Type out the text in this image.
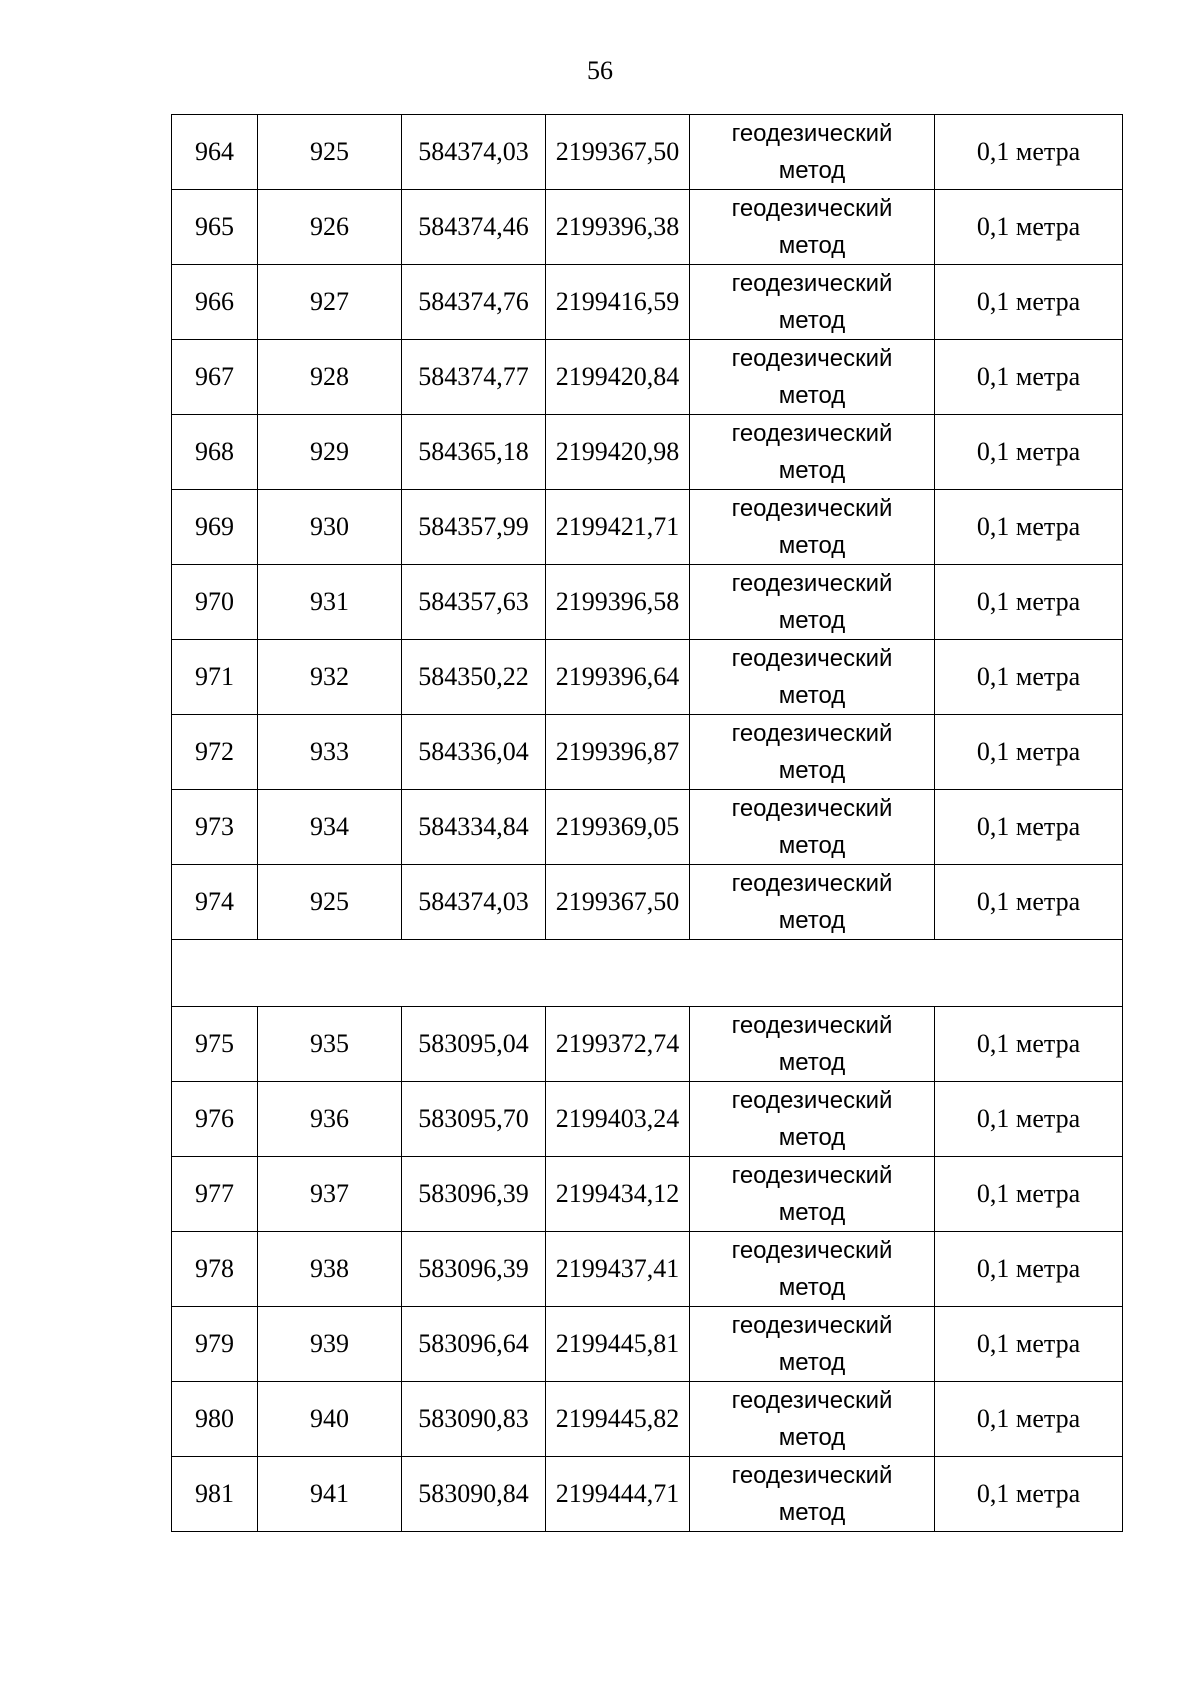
56
964	925	584374,03	2199367,50	геодезический
метод	0,1 метра
965	926	584374,46	2199396,38	геодезический
метод	0,1 метра
966	927	584374,76	2199416,59	геодезический
метод	0,1 метра
967	928	584374,77	2199420,84	геодезический
метод	0,1 метра
968	929	584365,18	2199420,98	геодезический
метод	0,1 метра
969	930	584357,99	2199421,71	геодезический
метод	0,1 метра
970	931	584357,63	2199396,58	геодезический
метод	0,1 метра
971	932	584350,22	2199396,64	геодезический
метод	0,1 метра
972	933	584336,04	2199396,87	геодезический
метод	0,1 метра
973	934	584334,84	2199369,05	геодезический
метод	0,1 метра
974	925	584374,03	2199367,50	геодезический
метод	0,1 метра

975	935	583095,04	2199372,74	геодезический
метод	0,1 метра
976	936	583095,70	2199403,24	геодезический
метод	0,1 метра
977	937	583096,39	2199434,12	геодезический
метод	0,1 метра
978	938	583096,39	2199437,41	геодезический
метод	0,1 метра
979	939	583096,64	2199445,81	геодезический
метод	0,1 метра
980	940	583090,83	2199445,82	геодезический
метод	0,1 метра
981	941	583090,84	2199444,71	геодезический
метод	0,1 метра
